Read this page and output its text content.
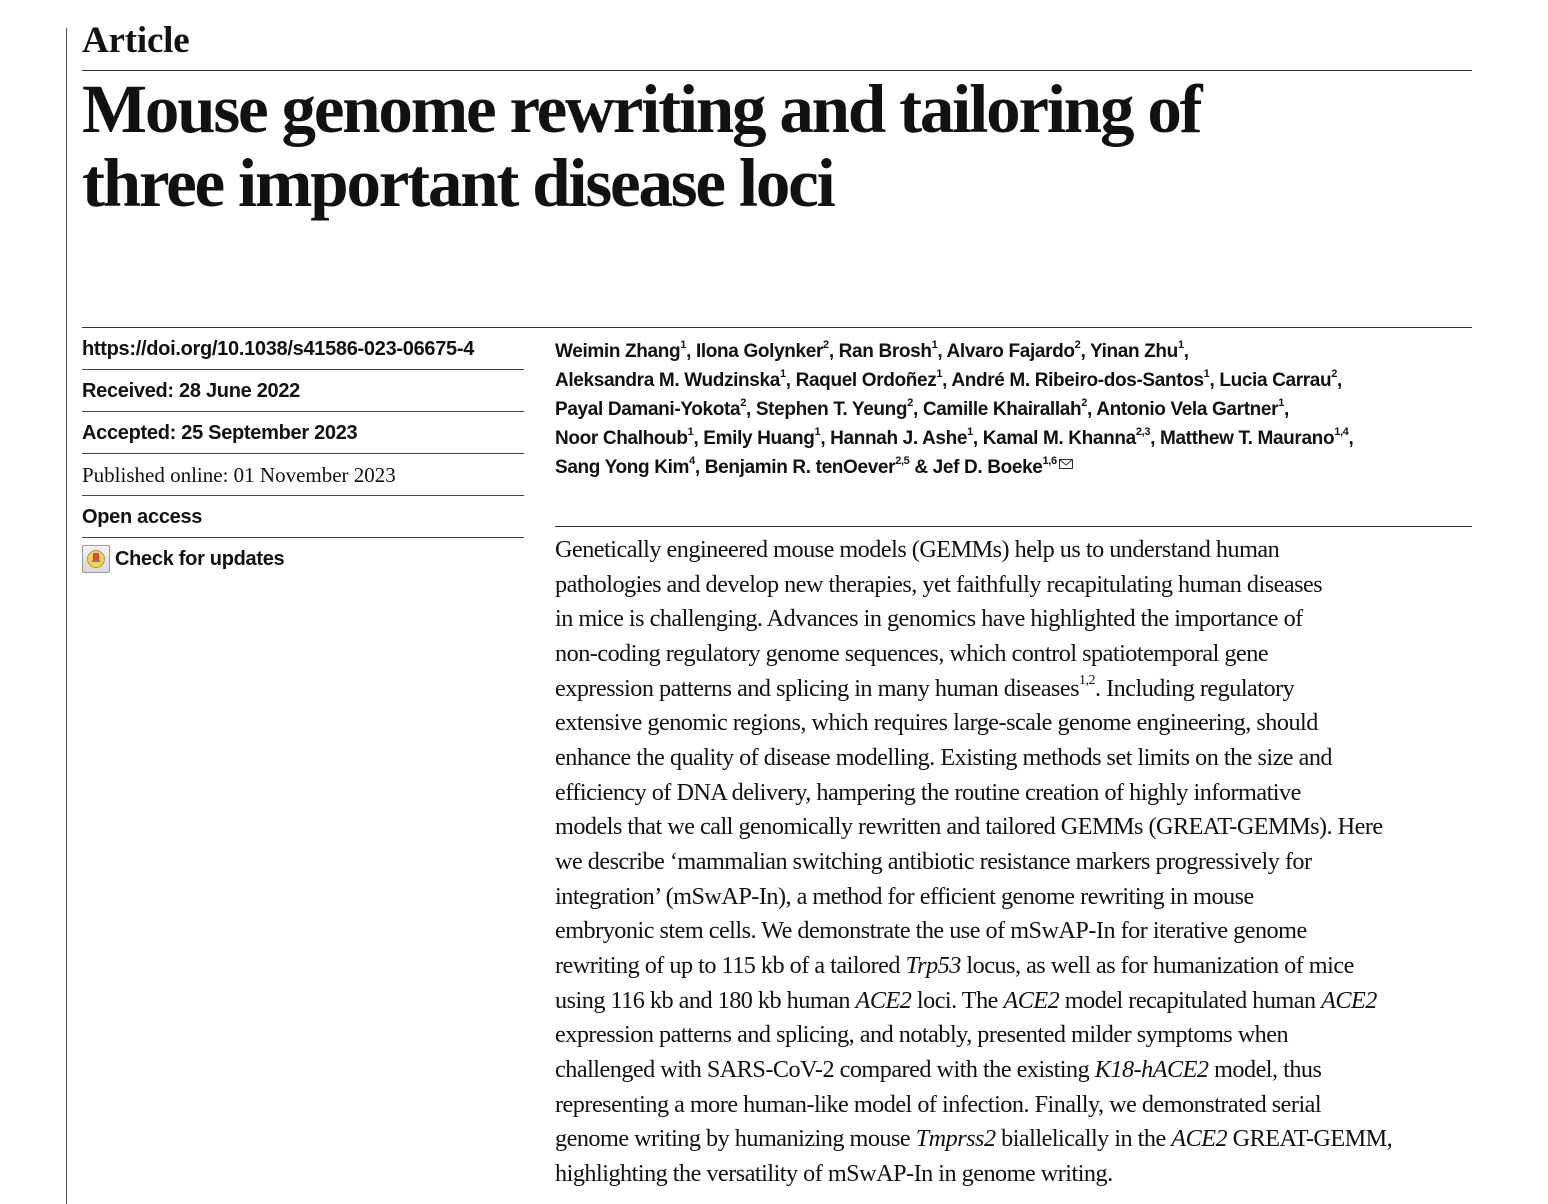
Article
Mouse genome rewriting and tailoring of
three important disease loci
https://doi.org/10.1038/s41586-023-06675-4
Received: 28 June 2022
Accepted: 25 September 2023
Published online: 01 November 2023
Open access
Check for updates

Weimin Zhang$^1$, Ilona Golynker$^2$, Ran Brosh$^1$, Alvaro Fajardo$^2$, Yinan Zhu$^1$,
Aleksandra M. Wudzinska$^1$, Raquel Ordoñez$^1$, André M. Ribeiro-dos-Santos$^1$, Lucia Carrau$^2$,
Payal Damani-Yokota$^2$, Stephen T. Yeung$^2$, Camille Khairallah$^2$, Antonio Vela Gartner$^1$,
Noor Chalhoub$^1$, Emily Huang$^1$, Hannah J. Ashe$^1$, Kamal M. Khanna$^{2,3}$, Matthew T. Maurano$^{1,4}$,
Sang Yong Kim$^4$, Benjamin R. tenOever$^{2,5}$ & Jef D. Boeke$^{1,6}$

Genetically engineered mouse models (GEMMs) help us to understand human
pathologies and develop new therapies, yet faithfully recapitulating human diseases
in mice is challenging. Advances in genomics have highlighted the importance of
non-coding regulatory genome sequences, which control spatiotemporal gene
expression patterns and splicing in many human diseases$^{1,2}$. Including regulatory
extensive genomic regions, which requires large-scale genome engineering, should
enhance the quality of disease modelling. Existing methods set limits on the size and
efficiency of DNA delivery, hampering the routine creation of highly informative
models that we call genomically rewritten and tailored GEMMs (GREAT-GEMMs). Here
we describe ‘mammalian switching antibiotic resistance markers progressively for
integration’ (mSwAP-In), a method for efficient genome rewriting in mouse
embryonic stem cells. We demonstrate the use of mSwAP-In for iterative genome
rewriting of up to 115 kb of a tailored Trp53 locus, as well as for humanization of mice
using 116 kb and 180 kb human ACE2 loci. The ACE2 model recapitulated human ACE2
expression patterns and splicing, and notably, presented milder symptoms when
challenged with SARS-CoV-2 compared with the existing K18-hACE2 model, thus
representing a more human-like model of infection. Finally, we demonstrated serial
genome writing by humanizing mouse Tmprss2 biallelically in the ACE2 GREAT-GEMM,
highlighting the versatility of mSwAP-In in genome writing.
